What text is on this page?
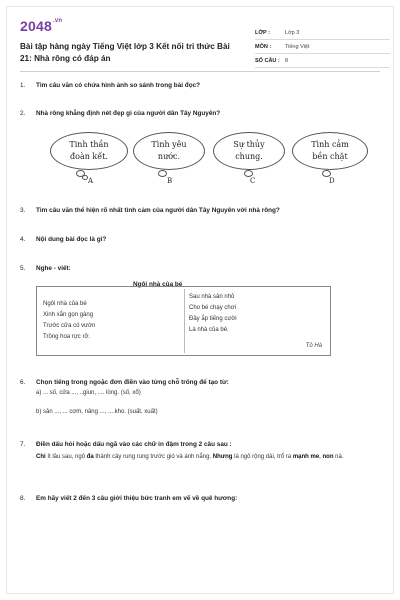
$2048^{.vn}$
Bài tập hàng ngày Tiếng Việt lớp 3 Kết nối tri thức Bài 21: Nhà rông có đáp án
LỚP :	Lớp 3
MÔN :	Tiếng Việt
SỐ CÂU : 8
1. Tìm câu văn có chứa hình ảnh so sánh trong bài đọc?
2. Nhà rông khẳng định nét đẹp gì của người dân Tây Nguyên?
Tinh thần
đoàn kết.
Tình yêu
nước.
Sự thủy
chung.
Tình cảm
bền chặt
A	B	C	D
3. Tìm câu văn thể hiện rõ nhất tình cảm của người dân Tây Nguyên với nhà rông?
4. Nội dung bài đọc là gì?
5. Nghe - viết:
Ngôi nhà của bé
Ngôi nhà của bé
Xinh xắn gọn gàng
Trước cửa có vườn
Trồng hoa rực rỡ.
Sau nhà sân nhỏ
Cho bé chạy chơi
Đầy ắp tiếng cười
Là nhà của bé.
Tô Hà
6. Chọn tiếng trong ngoặc đơn điền vào từng chỗ trống để tạo từ:
a) ... số, cửa ..., ..giun, .... lòng. (số, xổ)
b) sản ..., ... cơm, nâng ..., ....kho. (suất, xuất)
7. Điền dấu hỏi hoặc dấu ngã vào các chữ in đậm trong 2 câu sau :
Chi ít lâu sau, ngô đa thành cây rung rung trước gió và ánh nắng. Nhưng lá ngô rộng dài, trổ ra mạnh me, non nà.
8. Em hãy viết 2 đến 3 câu giới thiệu bức tranh em vẽ về quê hương:
